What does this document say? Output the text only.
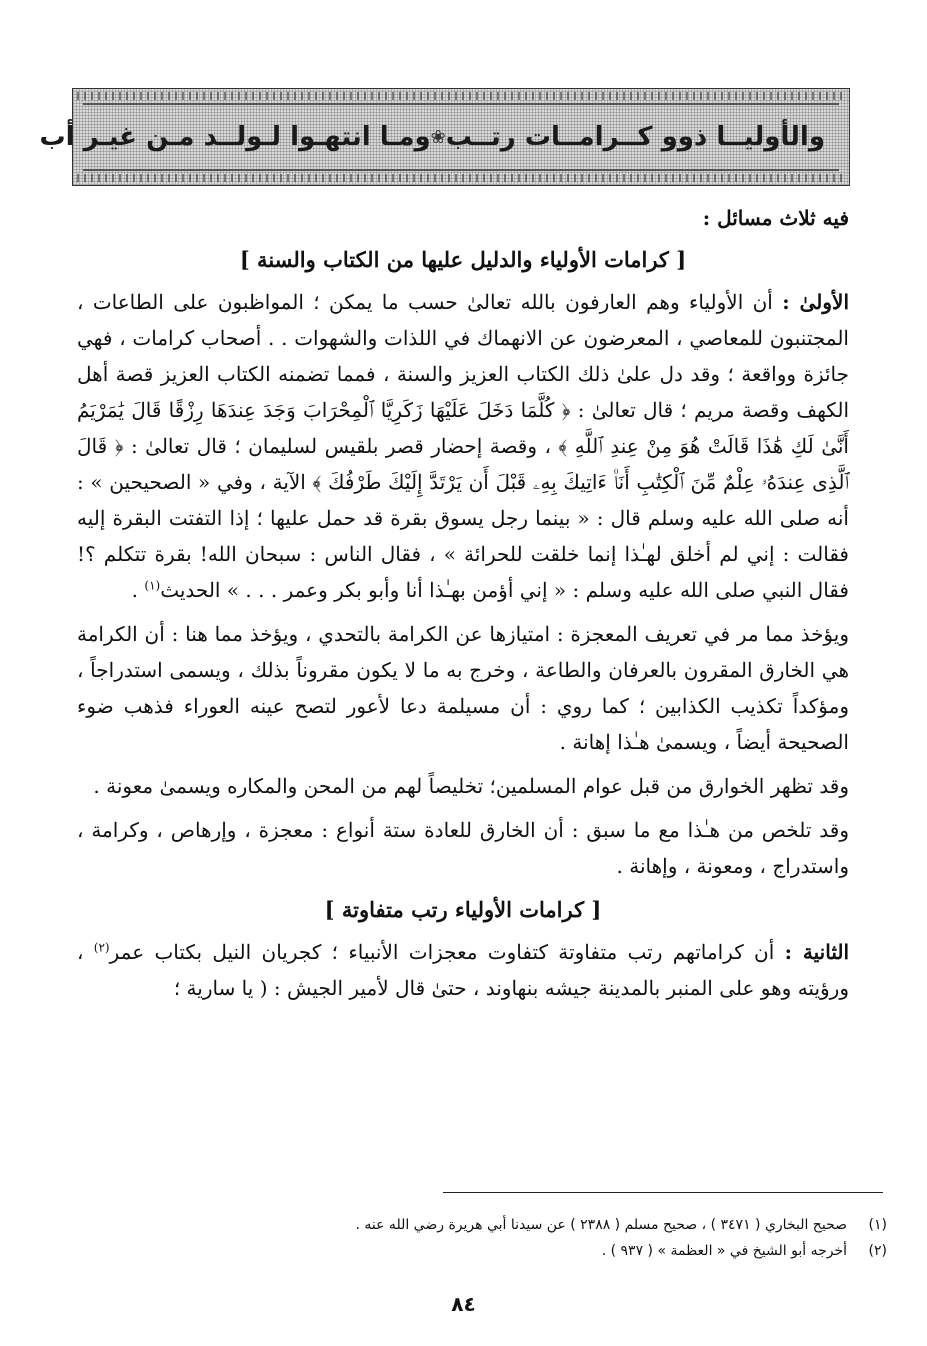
والأوليــا ذوو كــرامــات رتــب
❀
ومـا انتهـوا لـولــد مـن غيـر أب

فيه ثلاث مسائل :

[ كرامات الأولياء والدليل عليها من الكتاب والسنة ]

الأولىٰ : أن الأولياء وهم العارفون بالله تعالىٰ حسب ما يمكن ؛ المواظبون على الطاعات ، المجتنبون للمعاصي ، المعرضون عن الانهماك في اللذات والشهوات . . أصحاب كرامات ، فهي جائزة وواقعة ؛ وقد دل علىٰ ذلك الكتاب العزيز والسنة ، فمما تضمنه الكتاب العزيز قصة أهل الكهف وقصة مريم ؛ قال تعالىٰ : ﴿ كُلَّمَا دَخَلَ عَلَيْهَا زَكَرِيَّا ٱلْمِحْرَابَ وَجَدَ عِندَهَا رِزْقًا قَالَ يَٰمَرْيَمُ أَنَّىٰ لَكِ هَٰذَا قَالَتْ هُوَ مِنْ عِندِ ٱللَّهِ ﴾ ، وقصة إحضار قصر بلقيس لسليمان ؛ قال تعالىٰ : ﴿ قَالَ ٱلَّذِى عِندَهُۥ عِلْمٌ مِّنَ ٱلْكِتَٰبِ أَنَا۠ ءَاتِيكَ بِهِۦ قَبْلَ أَن يَرْتَدَّ إِلَيْكَ طَرْفُكَ ﴾ الآية ، وفي « الصحيحين » : أنه صلى الله عليه وسلم قال : « بينما رجل يسوق بقرة قد حمل عليها ؛ إذا التفتت البقرة إليه فقالت : إني لم أخلق لهـٰذا إنما خلقت للحرائة » ، فقال الناس : سبحان الله! بقرة تتكلم ؟! فقال النبي صلى الله عليه وسلم : « إني أؤمن بهـٰذا أنا وأبو بكر وعمر . . . » الحديث$^{(١)}$ .

ويؤخذ مما مر في تعريف المعجزة : امتيازها عن الكرامة بالتحدي ، ويؤخذ مما هنا : أن الكرامة هي الخارق المقرون بالعرفان والطاعة ، وخرج به ما لا يكون مقروناً بذلك ، ويسمى استدراجاً ، ومؤكداً تكذيب الكذابين ؛ كما روي : أن مسيلمة دعا لأعور لتصح عينه العوراء فذهب ضوء الصحيحة أيضاً ، ويسمىٰ هـٰذا إهانة .

وقد تظهر الخوارق من قبل عوام المسلمين؛ تخليصاً لهم من المحن والمكاره ويسمىٰ معونة .

وقد تلخص من هـٰذا مع ما سبق : أن الخارق للعادة ستة أنواع : معجزة ، وإرهاص ، وكرامة ، واستدراج ، ومعونة ، وإهانة .

[ كرامات الأولياء رتب متفاوتة ]

الثانية : أن كراماتهم رتب متفاوتة كتفاوت معجزات الأنبياء ؛ كجريان النيل بكتاب عمر$^{(٢)}$ ، ورؤيته وهو على المنبر بالمدينة جيشه بنهاوند ، حتىٰ قال لأمير الجيش : ( يا سارية ؛

(١)
صحيح البخاري ( ٣٤٧١ ) ، صحيح مسلم ( ٢٣٨٨ ) عن سيدنا أبي هريرة رضي الله عنه .
(٢)
أخرجه أبو الشيخ في « العظمة » ( ٩٣٧ ) .
٨٤
